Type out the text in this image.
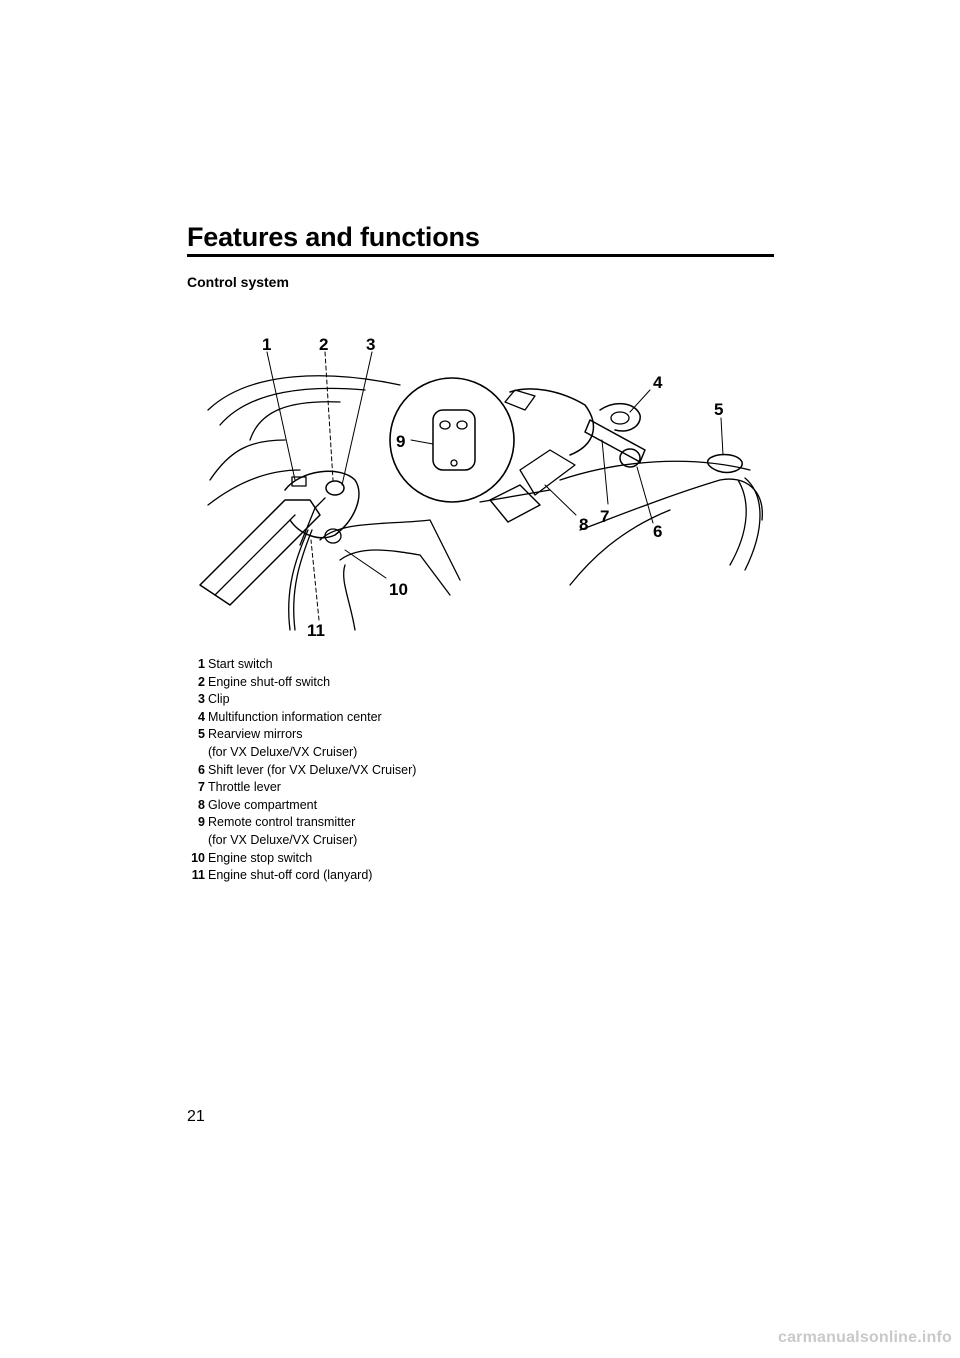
Features and functions
Control system
1	2 3
4
5
6
7
8
9
10
11
1 Start switch
2 Engine shut-off switch
3 Clip
4 Multifunction information center
5 Rearview mirrors
(for VX Deluxe/VX Cruiser)
6 Shift lever (for VX Deluxe/VX Cruiser)
7 Throttle lever
8 Glove compartment
9 Remote control transmitter
(for VX Deluxe/VX Cruiser)
10 Engine stop switch
11 Engine shut-off cord (lanyard)
21
carmanualsonline.info
